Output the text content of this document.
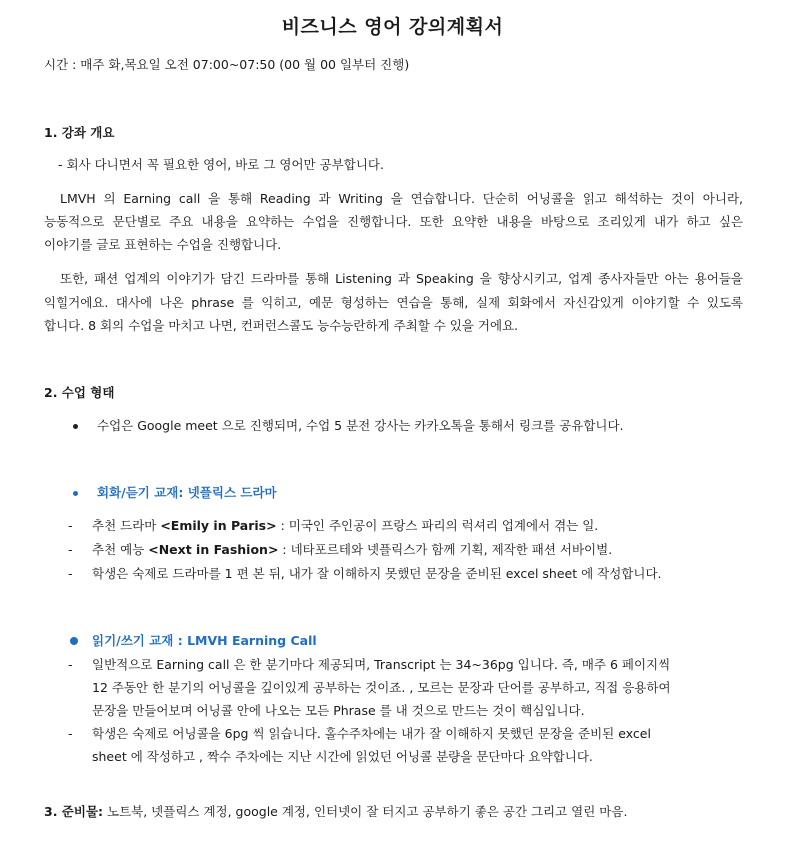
비즈니스 영어 강의계획서
시간 : 매주 화,목요일 오전 07:00~07:50 (00 월 00 일부터 진행)
1. 강좌 개요
- 회사 다니면서 꼭 필요한 영어, 바로 그 영어만 공부합니다.
LMVH 의 Earning call 을 통해 Reading 과 Writing 을 연습합니다. 단순히 어닝콜을 읽고 해석하는 것이 아니라,
능동적으로 문단별로 주요 내용을 요약하는 수업을 진행합니다. 또한 요약한 내용을 바탕으로 조리있게 내가 하고 싶은
이야기를 글로 표현하는 수업을 진행합니다.
또한, 패션 업계의 이야기가 담긴 드라마를 통해 Listening 과 Speaking 을 향상시키고, 업계 종사자들만 아는 용어들을
익힐거에요. 대사에 나온 phrase 를 익히고, 예문 형성하는 연습을 통해, 실제 회화에서 자신감있게 이야기할 수 있도록
합니다. 8 회의 수업을 마치고 나면, 컨퍼런스콜도 능수능란하게 주최할 수 있을 거에요.
2. 수업 형태
수업은 Google meet 으로 진행되며, 수업 5 분전 강사는 카카오톡을 통해서 링크를 공유합니다.
회화/듣기 교재: 넷플릭스 드라마
- 추천 드라마 <Emily in Paris> : 미국인 주인공이 프랑스 파리의 럭셔리 업계에서 겪는 일.
- 추천 예능 <Next in Fashion> : 네타포르테와 넷플릭스가 함께 기획, 제작한 패션 서바이벌.
- 학생은 숙제로 드라마를 1 편 본 뒤, 내가 잘 이해하지 못했던 문장을 준비된 excel sheet 에 작성합니다.
읽기/쓰기 교재 : LMVH Earning Call
- 일반적으로 Earning call 은 한 분기마다 제공되며, Transcript 는 34~36pg 입니다. 즉, 매주 6 페이지씩
12 주동안 한 분기의 어닝콜을 깊이있게 공부하는 것이죠. , 모르는 문장과 단어를 공부하고, 직접 응용하여
문장을 만들어보며 어닝콜 안에 나오는 모든 Phrase 를 내 것으로 만드는 것이 핵심입니다.
- 학생은 숙제로 어닝콜을 6pg 씩 읽습니다. 홀수주차에는 내가 잘 이해하지 못했던 문장을 준비된 excel
sheet 에 작성하고 , 짝수 주차에는 지난 시간에 읽었던 어닝콜 분량을 문단마다 요약합니다.
3. 준비물: 노트북, 넷플릭스 계정, google 계정, 인터넷이 잘 터지고 공부하기 좋은 공간 그리고 열린 마음.
